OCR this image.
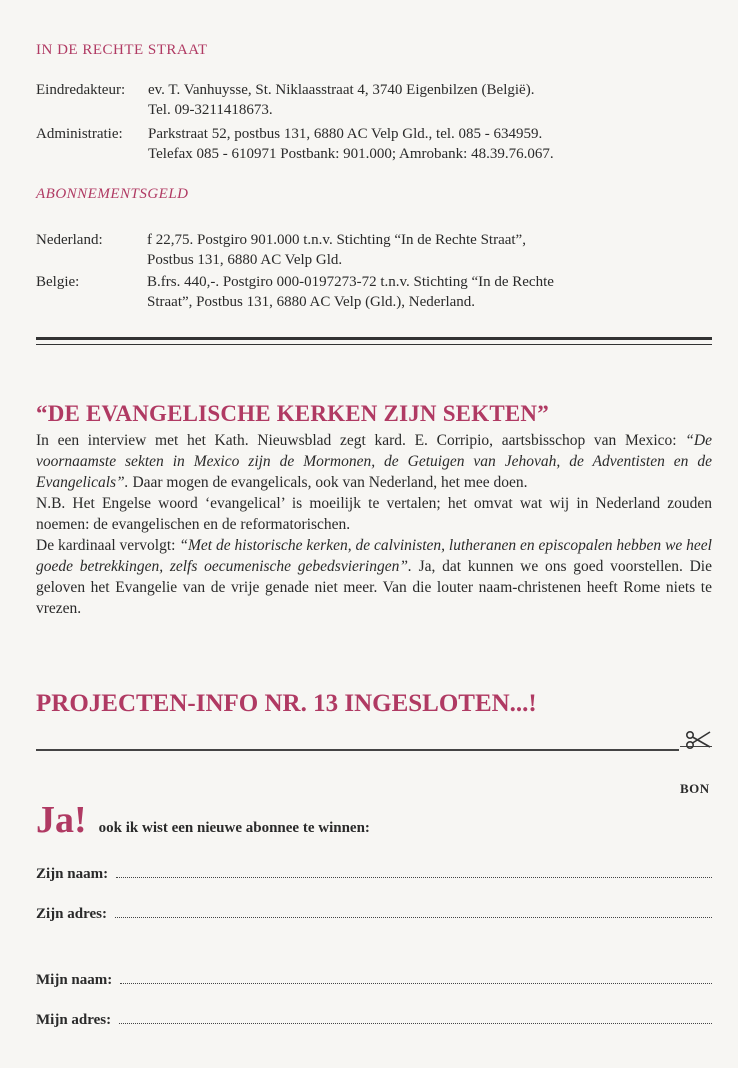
IN DE RECHTE STRAAT
Eindredakteur: ev. T. Vanhuysse, St. Niklaasstraat 4, 3740 Eigenbilzen (België).
Tel. 09-3211418673.
Administratie: Parkstraat 52, postbus 131, 6880 AC Velp Gld., tel. 085 - 634959.
Telefax 085 - 610971 Postbank: 901.000; Amrobank: 48.39.76.067.
ABONNEMENTSGELD
Nederland:	f 22,75. Postgiro 901.000 t.n.v. Stichting “In de Rechte Straat”,
Postbus 131, 6880 AC Velp Gld.
Belgie:	B.frs. 440,-. Postgiro 000-0197273-72 t.n.v. Stichting “In de Rechte
Straat”, Postbus 131, 6880 AC Velp (Gld.), Nederland.
“DE EVANGELISCHE KERKEN ZIJN SEKTEN”

In een interview met het Kath. Nieuwsblad zegt kard. E. Corripio, aartsbisschop van Mexico: “De voornaamste sekten in Mexico zijn de Mormonen, de Getuigen van Jehovah, de Adventisten en de Evangelicals”. Daar mogen de evangelicals, ook van Nederland, het mee doen.

N.B. Het Engelse woord ‘evangelical’ is moeilijk te vertalen; het omvat wat wij in Nederland zouden noemen: de evangelischen en de reformatorischen.

De kardinaal vervolgt: “Met de historische kerken, de calvinisten, lutheranen en episcopalen hebben we heel goede betrekkingen, zelfs oecumenische gebedsvieringen”. Ja, dat kunnen we ons goed voorstellen. Die geloven het Evangelie van de vrije genade niet meer. Van die louter naam-christenen heeft Rome niets te vrezen.

PROJECTEN-INFO NR. 13 INGESLOTEN...!
BON
Ja! ook ik wist een nieuwe abonnee te winnen:
Zijn naam:
Zijn adres:
Mijn naam:
Mijn adres:
